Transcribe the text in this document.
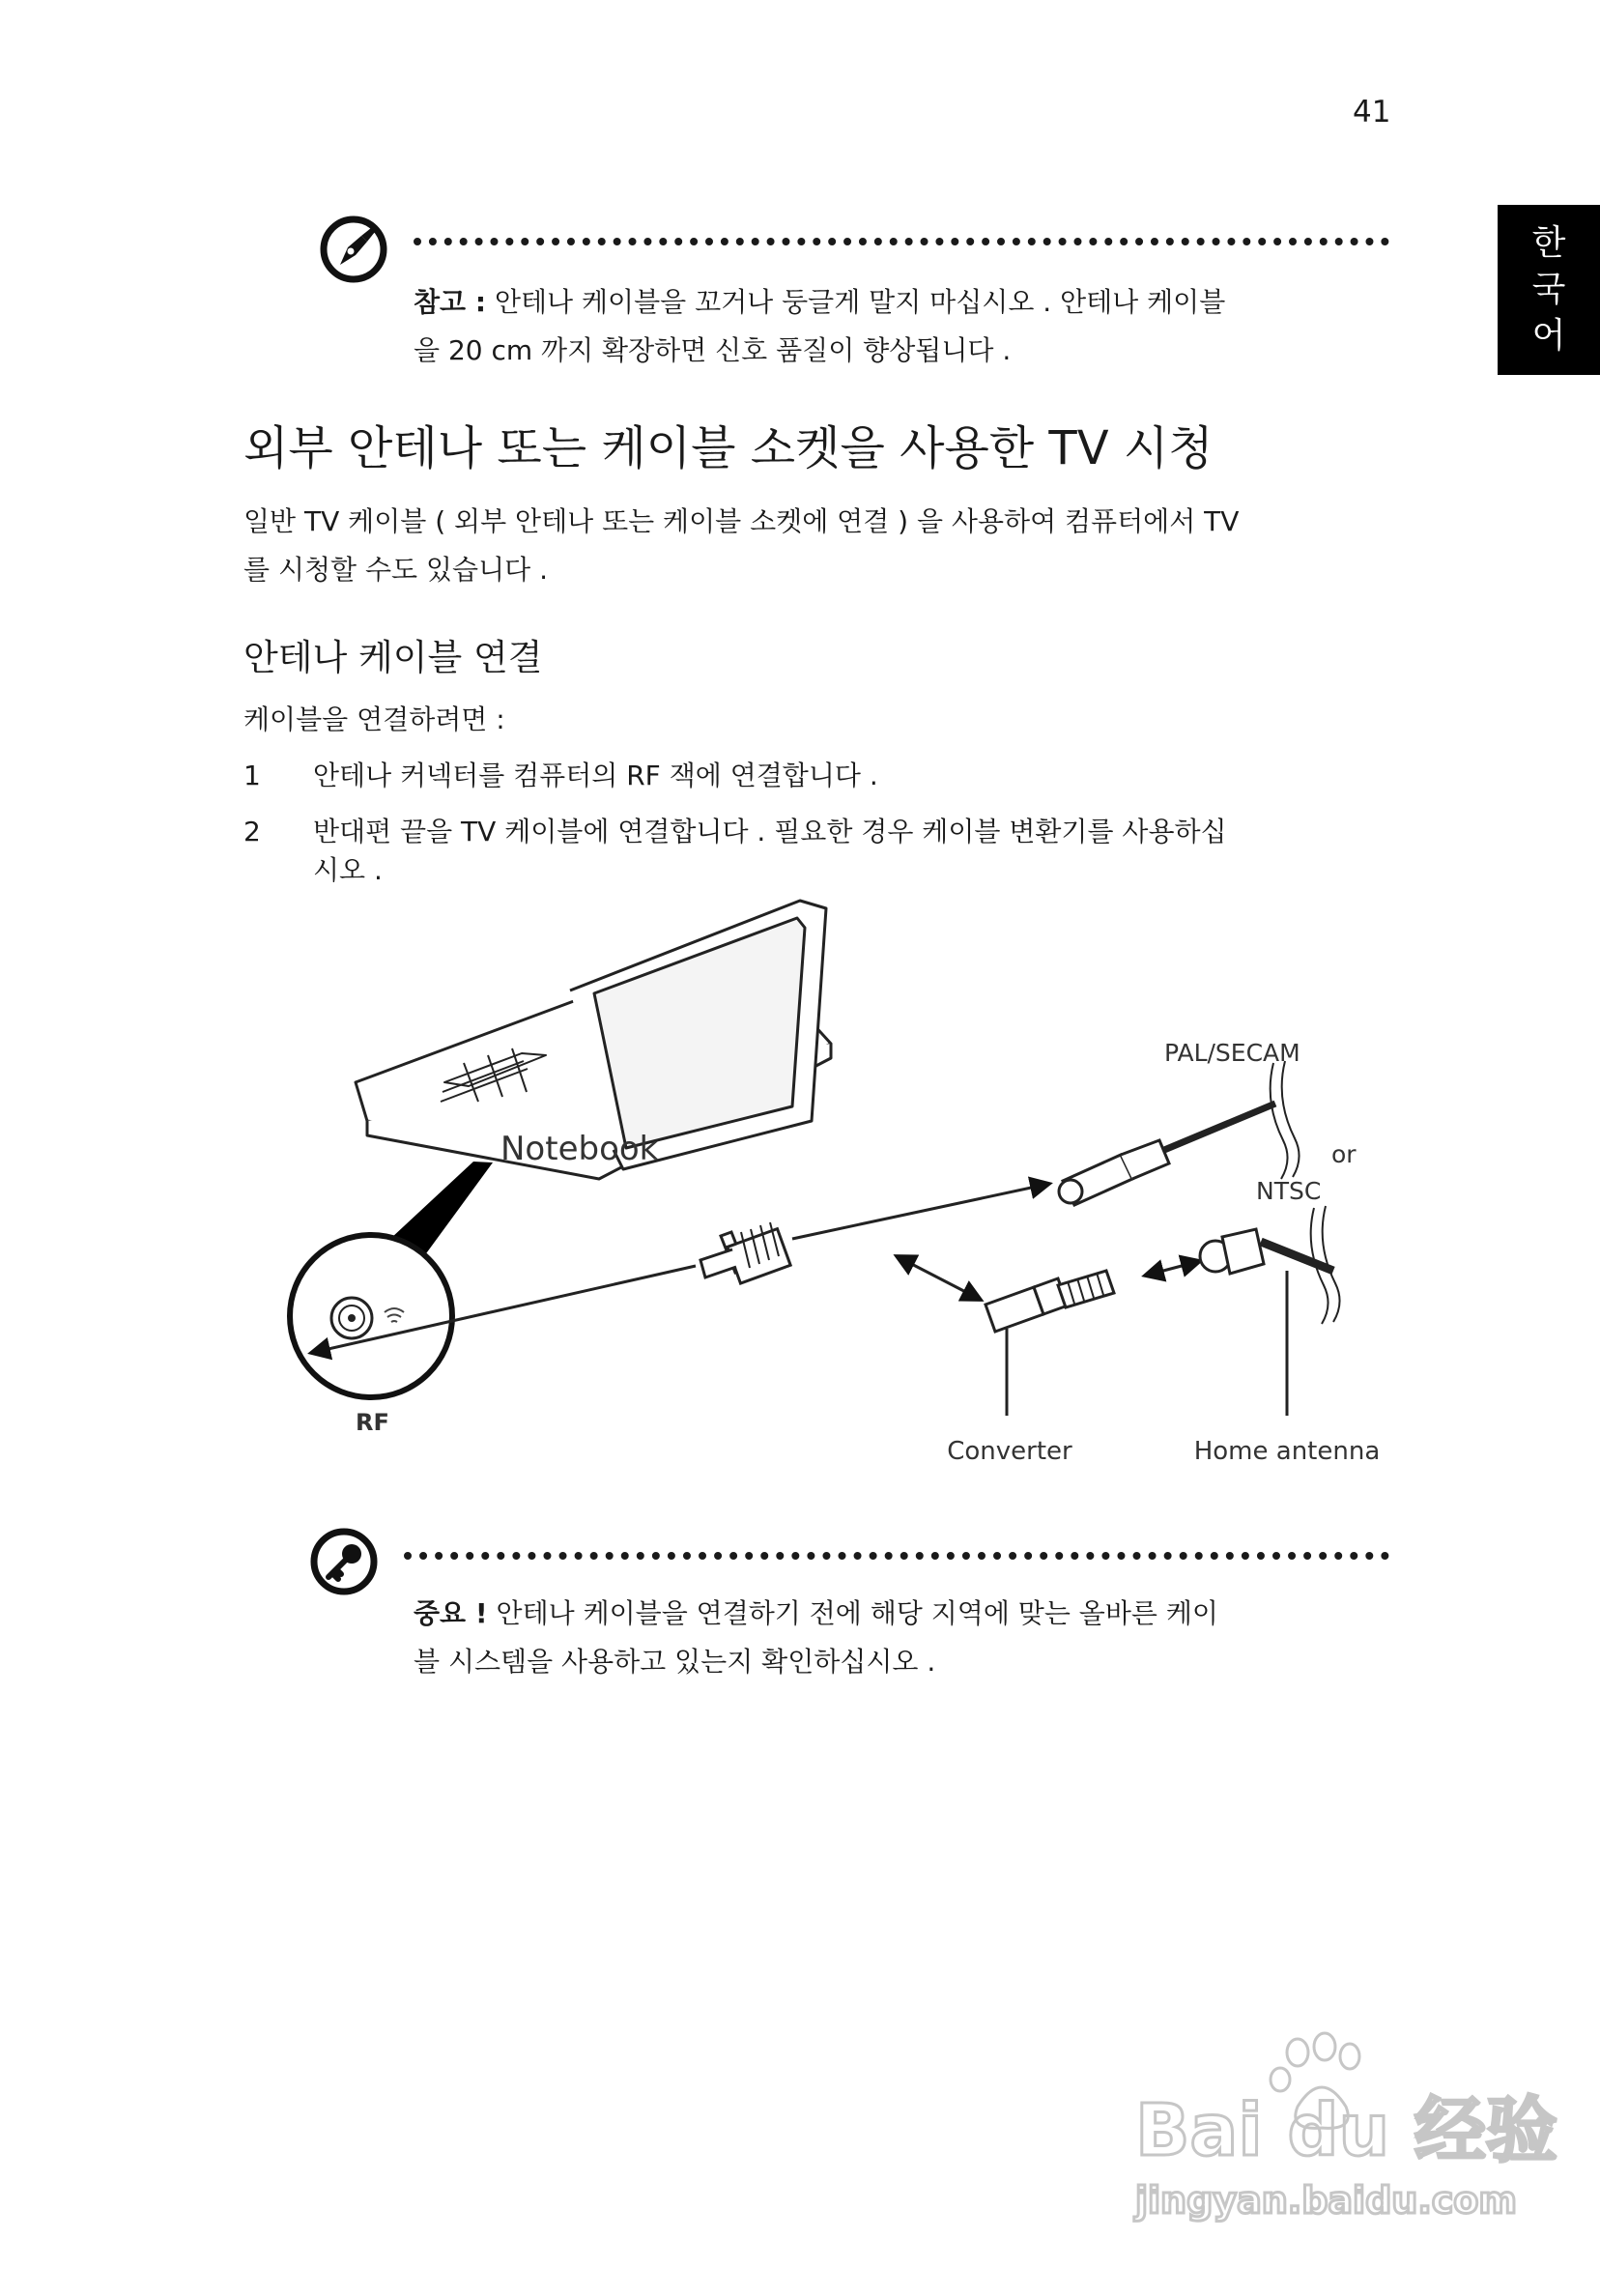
41
한
국
어
참고 : 안테나 케이블을 꼬거나 둥글게 말지 마십시오 . 안테나 케이블
을 20 cm 까지 확장하면 신호 품질이 향상됩니다 .
외부 안테나 또는 케이블 소켓을 사용한 TV 시청
일반 TV 케이블 ( 외부 안테나 또는 케이블 소켓에 연결 ) 을 사용하여 컴퓨터에서 TV
를 시청할 수도 있습니다 .
안테나 케이블 연결
케이블을 연결하려면 :
1	안테나 커넥터를 컴퓨터의 RF 잭에 연결합니다 .
2	반대편 끝을 TV 케이블에 연결합니다 . 필요한 경우 케이블 변환기를 사용하십
시오 .
Notebook
PAL/SECAM
or
NTSC
RF
Converter	Home antenna
중요 ! 안테나 케이블을 연결하기 전에 해당 지역에 맞는 올바른 케이
블 시스템을 사용하고 있는지 확인하십시오 .
Bai du 经验
jingyan.baidu.com
